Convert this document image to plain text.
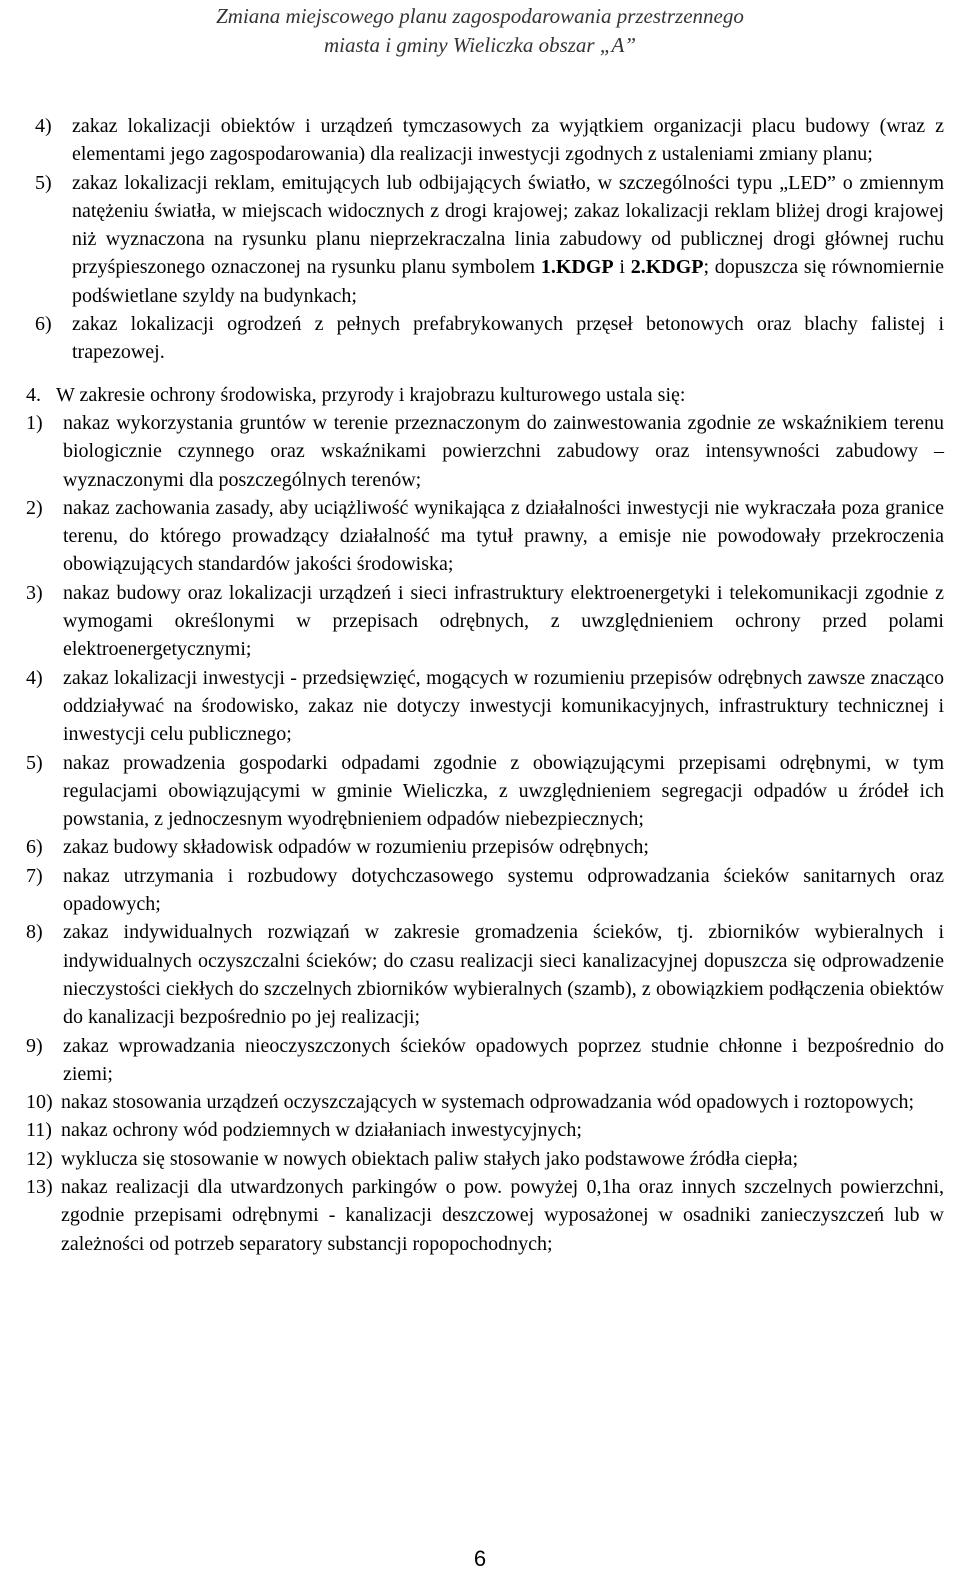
Zmiana miejscowego planu zagospodarowania przestrzennego
miasta i gminy Wieliczka obszar „A”
4)	zakaz lokalizacji obiektów i urządzeń tymczasowych za wyjątkiem organizacji placu budowy (wraz z elementami jego zagospodarowania) dla realizacji inwestycji zgodnych z ustaleniami zmiany planu;
5)	zakaz lokalizacji reklam, emitujących lub odbijających światło, w szczególności typu „LED” o zmiennym natężeniu światła, w miejscach widocznych z drogi krajowej; zakaz lokalizacji reklam bliżej drogi krajowej niż wyznaczona na rysunku planu nieprzekraczalna linia zabudowy od publicznej drogi głównej ruchu przyśpieszonego oznaczonej na rysunku planu symbolem 1.KDGP i 2.KDGP; dopuszcza się równomiernie podświetlane szyldy na budynkach;
6)	zakaz lokalizacji ogrodzeń z pełnych prefabrykowanych przęseł betonowych oraz blachy falistej i trapezowej.
4. W zakresie ochrony środowiska, przyrody i krajobrazu kulturowego ustala się:
1)	nakaz wykorzystania gruntów w terenie przeznaczonym do zainwestowania zgodnie ze wskaźnikiem terenu biologicznie czynnego oraz wskaźnikami powierzchni zabudowy oraz intensywności zabudowy – wyznaczonymi dla poszczególnych terenów;
2)	nakaz zachowania zasady, aby uciążliwość wynikająca z działalności inwestycji nie wykraczała poza granice terenu, do którego prowadzący działalność ma tytuł prawny, a emisje nie powodowały przekroczenia obowiązujących standardów jakości środowiska;
3)	nakaz budowy oraz lokalizacji urządzeń i sieci infrastruktury elektroenergetyki i telekomunikacji zgodnie z wymogami określonymi w przepisach odrębnych, z uwzględnieniem ochrony przed polami elektroenergetycznymi;
4)	zakaz lokalizacji inwestycji - przedsięwzięć, mogących w rozumieniu przepisów odrębnych zawsze znacząco oddziaływać na środowisko, zakaz nie dotyczy inwestycji komunikacyjnych, infrastruktury technicznej i inwestycji celu publicznego;
5)	nakaz prowadzenia gospodarki odpadami zgodnie z obowiązującymi przepisami odrębnymi, w tym regulacjami obowiązującymi w gminie Wieliczka, z uwzględnieniem segregacji odpadów u źródeł ich powstania, z jednoczesnym wyodrębnieniem odpadów niebezpiecznych;
6)	zakaz budowy składowisk odpadów w rozumieniu przepisów odrębnych;
7)	nakaz utrzymania i rozbudowy dotychczasowego systemu odprowadzania ścieków sanitarnych oraz opadowych;
8)	zakaz indywidualnych rozwiązań w zakresie gromadzenia ścieków, tj. zbiorników wybieralnych i indywidualnych oczyszczalni ścieków; do czasu realizacji sieci kanalizacyjnej dopuszcza się odprowadzenie nieczystości ciekłych do szczelnych zbiorników wybieralnych (szamb), z obowiązkiem podłączenia obiektów do kanalizacji bezpośrednio po jej realizacji;
9)	zakaz wprowadzania nieoczyszczonych ścieków opadowych poprzez studnie chłonne i bezpośrednio do ziemi;
10) nakaz stosowania urządzeń oczyszczających w systemach odprowadzania wód opadowych i roztopowych;
11) nakaz ochrony wód podziemnych w działaniach inwestycyjnych;
12) wyklucza się stosowanie w nowych obiektach paliw stałych jako podstawowe źródła ciepła;
13) nakaz realizacji dla utwardzonych parkingów o pow. powyżej 0,1ha oraz innych szczelnych powierzchni, zgodnie przepisami odrębnymi - kanalizacji deszczowej wyposażonej w osadniki zanieczyszczeń lub w zależności od potrzeb separatory substancji ropopochodnych;
6
